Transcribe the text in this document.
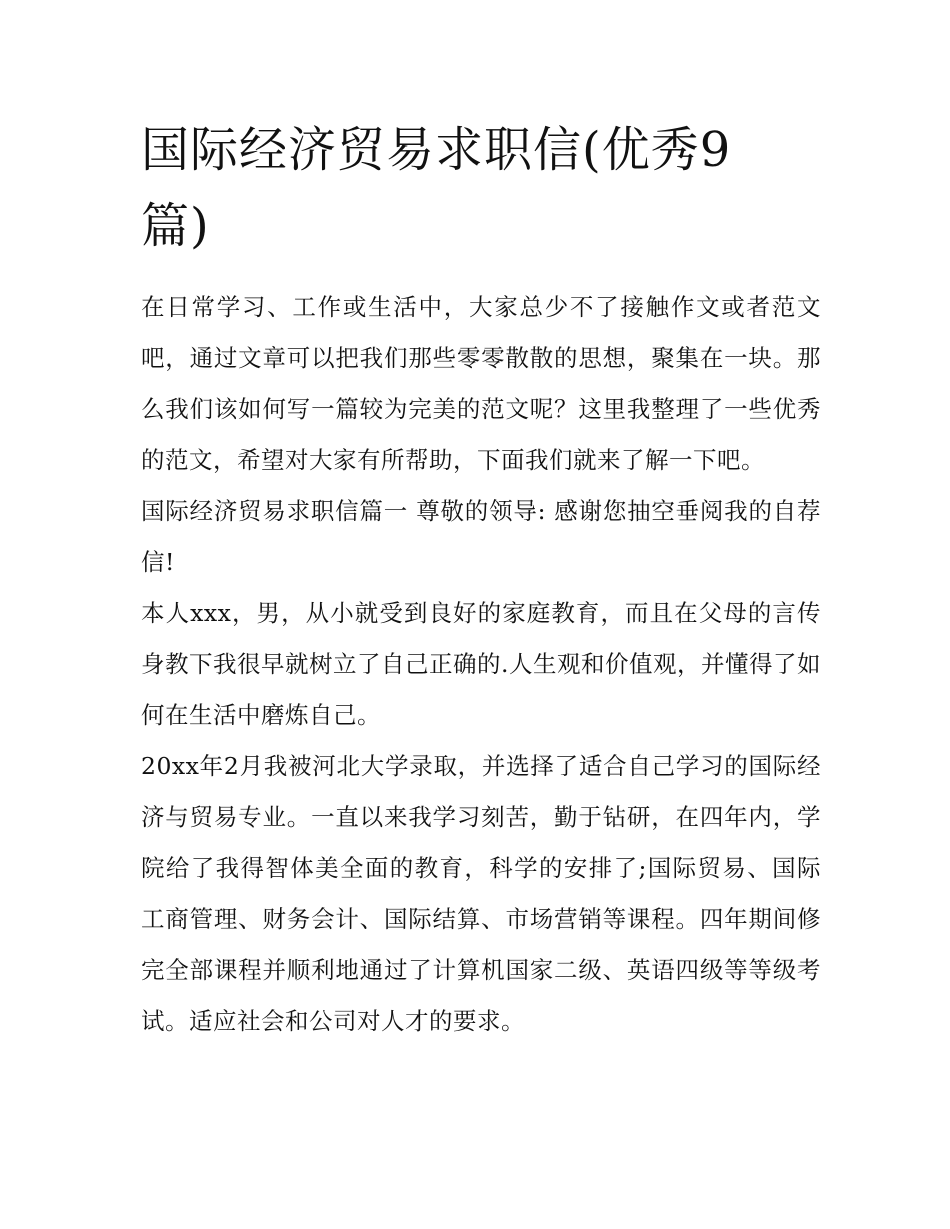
国际经济贸易求职信(优秀9篇)

在日常学习、工作或生活中，大家总少不了接触作文或者范文吧，通过文章可以把我们那些零零散散的思想，聚集在一块。那么我们该如何写一篇较为完美的范文呢？这里我整理了一些优秀的范文，希望对大家有所帮助，下面我们就来了解一下吧。

国际经济贸易求职信篇一 尊敬的领导: 感谢您抽空垂阅我的自荐信!

本人xxx，男，从小就受到良好的家庭教育，而且在父母的言传身教下我很早就树立了自己正确的.人生观和价值观，并懂得了如何在生活中磨炼自己。

20xx年2月我被河北大学录取，并选择了适合自己学习的国际经济与贸易专业。一直以来我学习刻苦，勤于钻研，在四年内，学院给了我得智体美全面的教育，科学的安排了;国际贸易、国际工商管理、财务会计、国际结算、市场营销等课程。四年期间修完全部课程并顺利地通过了计算机国家二级、英语四级等等级考试。适应社会和公司对人才的要求。
